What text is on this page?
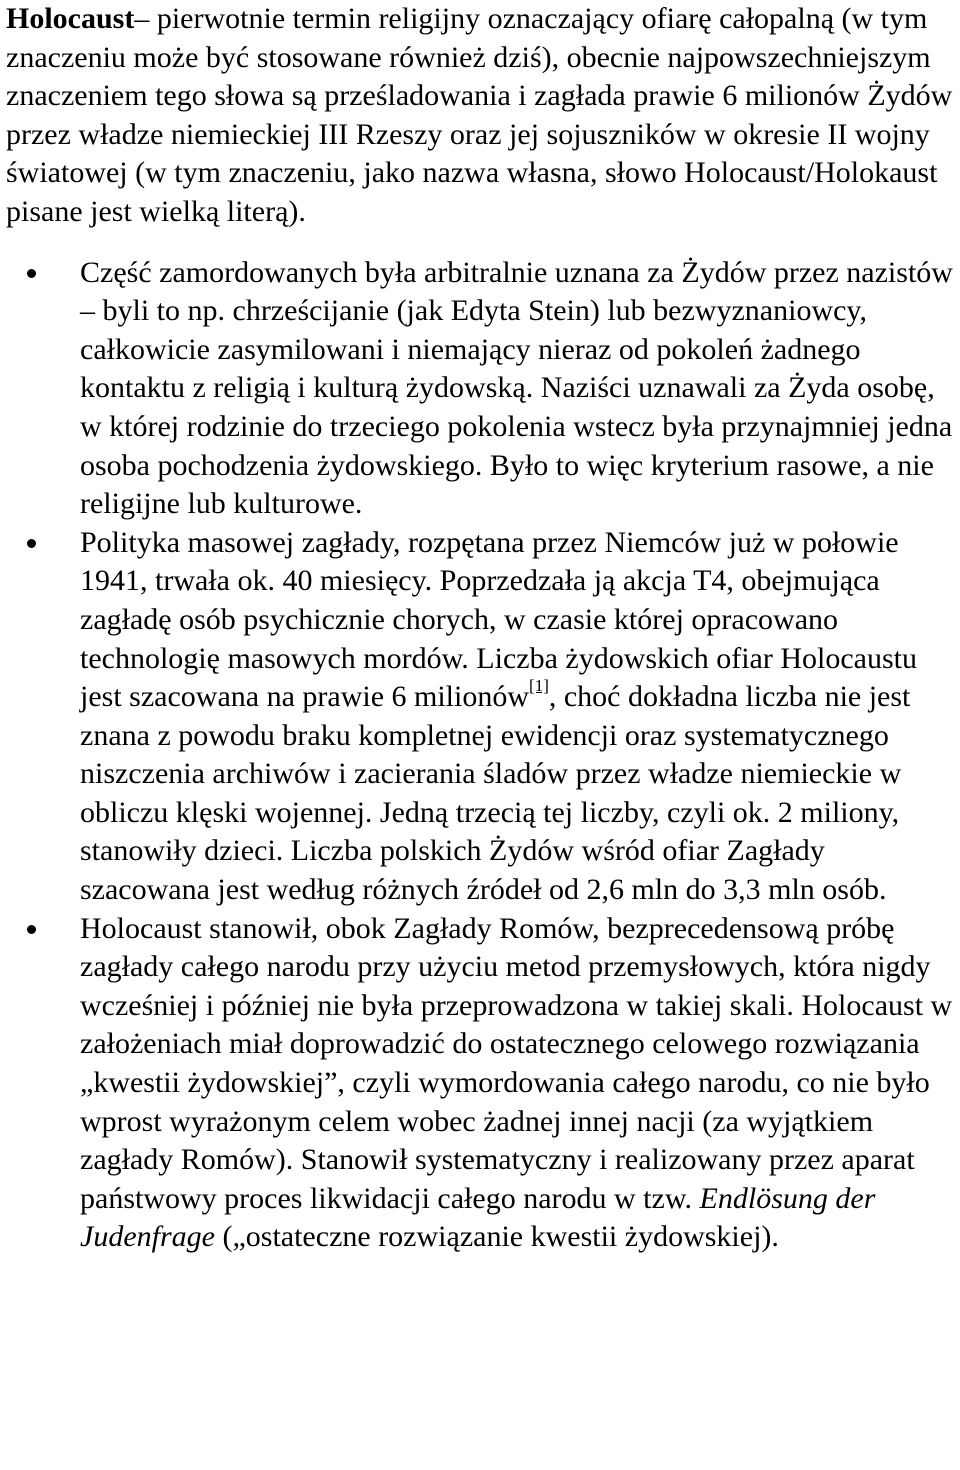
Holocaust– pierwotnie termin religijny oznaczający ofiarę całopalną (w tym znaczeniu może być stosowane również dziś), obecnie najpowszechniejszym znaczeniem tego słowa są prześladowania i zagłada prawie 6 milionów Żydów przez władze niemieckiej III Rzeszy oraz jej sojuszników w okresie II wojny światowej (w tym znaczeniu, jako nazwa własna, słowo Holocaust/Holokaust pisane jest wielką literą).

Część zamordowanych była arbitralnie uznana za Żydów przez nazistów – byli to np. chrześcijanie (jak Edyta Stein) lub bezwyznaniowcy, całkowicie zasymilowani i niemający nieraz od pokoleń żadnego kontaktu z religią i kulturą żydowską. Naziści uznawali za Żyda osobę, w której rodzinie do trzeciego pokolenia wstecz była przynajmniej jedna osoba pochodzenia żydowskiego. Było to więc kryterium rasowe, a nie religijne lub kulturowe.
Polityka masowej zagłady, rozpętana przez Niemców już w połowie 1941, trwała ok. 40 miesięcy. Poprzedzała ją akcja T4, obejmująca zagładę osób psychicznie chorych, w czasie której opracowano technologię masowych mordów. Liczba żydowskich ofiar Holocaustu jest szacowana na prawie 6 milionów[1], choć dokładna liczba nie jest znana z powodu braku kompletnej ewidencji oraz systematycznego niszczenia archiwów i zacierania śladów przez władze niemieckie w obliczu klęski wojennej. Jedną trzecią tej liczby, czyli ok. 2 miliony, stanowiły dzieci. Liczba polskich Żydów wśród ofiar Zagłady szacowana jest według różnych źródeł od 2,6 mln do 3,3 mln osób.
Holocaust stanowił, obok Zagłady Romów, bezprecedensową próbę zagłady całego narodu przy użyciu metod przemysłowych, która nigdy wcześniej i później nie była przeprowadzona w takiej skali. Holocaust w założeniach miał doprowadzić do ostatecznego celowego rozwiązania „kwestii żydowskiej”, czyli wymordowania całego narodu, co nie było wprost wyrażonym celem wobec żadnej innej nacji (za wyjątkiem zagłady Romów). Stanowił systematyczny i realizowany przez aparat państwowy proces likwidacji całego narodu w tzw. Endlösung der Judenfrage („ostateczne rozwiązanie kwestii żydowskiej).
